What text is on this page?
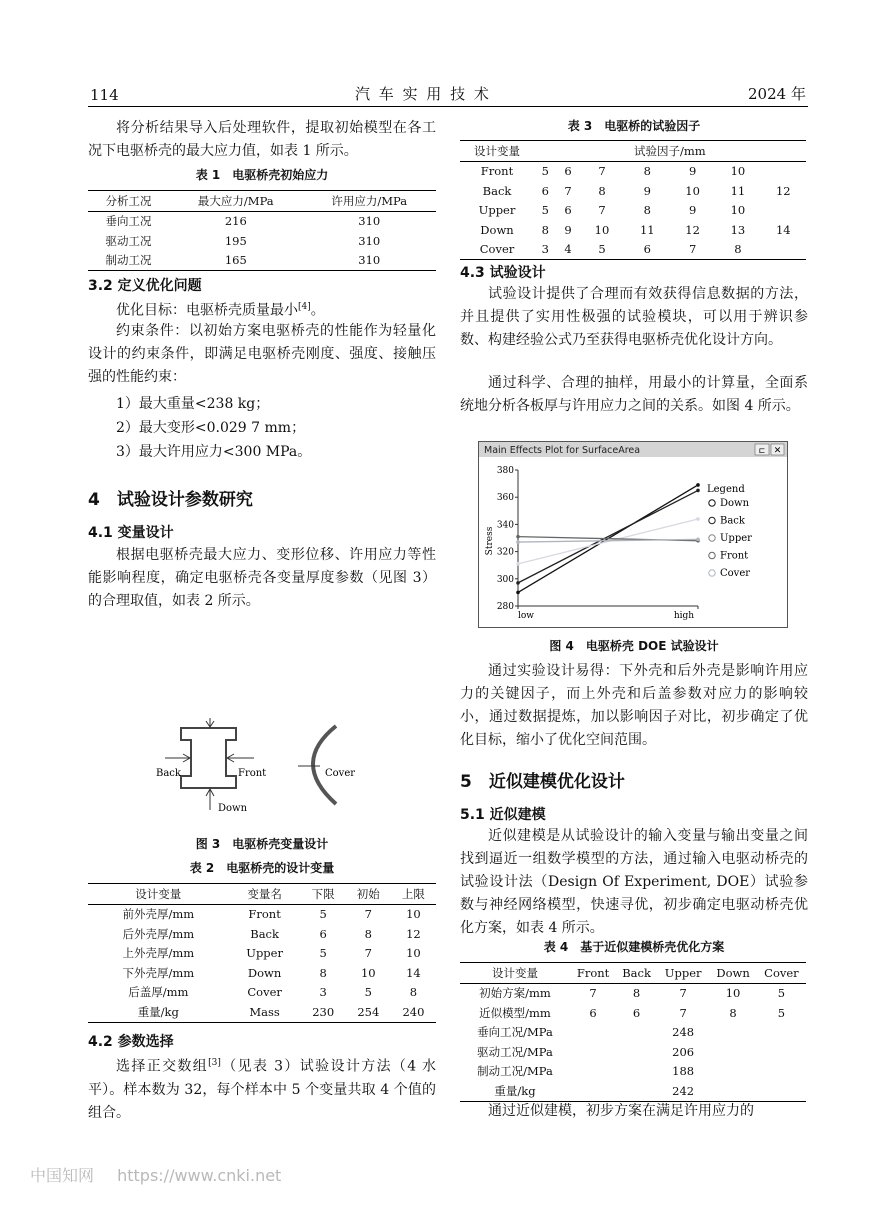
114	汽 车 实 用 技 术	2024 年
将分析结果导入后处理软件，提取初始模型在各工况下电驱桥壳的最大应力值，如表 1 所示。
表 1　电驱桥壳初始应力
分析工况	最大应力/MPa	许用应力/MPa
垂向工况	216	310
驱动工况	195	310
制动工况	165	310
3.2 定义优化问题
优化目标：电驱桥壳质量最小[4]。
约束条件：以初始方案电驱桥壳的性能作为轻量化设计的约束条件，即满足电驱桥壳刚度、强度、接触压强的性能约束：
1）最大重量<238 kg；
2）最大变形<0.029 7 mm；
3）最大许用应力<300 MPa。
4　试验设计参数研究
4.1 变量设计
根据电驱桥壳最大应力、变形位移、许用应力等性能影响程度，确定电驱桥壳各变量厚度参数（见图 3）的合理取值，如表 2 所示。
Back	Front
Down
Cover
图 3　电驱桥壳变量设计
表 2　电驱桥壳的设计变量
设计变量	变量名	下限	初始	上限
前外壳厚/mm	Front	5	7	10
后外壳厚/mm	Back	6	8	12
上外壳厚/mm	Upper	5	7	10
下外壳厚/mm	Down	8	10	14
后盖厚/mm	Cover	3	5	8
重量/kg	Mass	230	254	240
4.2 参数选择
选择正交数组[3]（见表 3）试验设计方法（4 水平）。样本数为 32，每个样本中 5 个变量共取 4 个值的组合。
表 3　电驱桥的试验因子
设计变量	试验因子/mm						
Front	5	6	7	8	9	10	
Back	6	7	8	9	10	11	12
Upper	5	6	7	8	9	10	
Down	8	9	10	11	12	13	14
Cover	3	4	5	6	7	8	
4.3 试验设计
试验设计提供了合理而有效获得信息数据的方法，并且提供了实用性极强的试验模块，可以用于辨识参数、构建经验公式乃至获得电驱桥壳优化设计方向。
通过科学、合理的抽样，用最小的计算量，全面系统地分析各板厚与许用应力之间的关系。如图 4 所示。
Main Effects Plot for SurfaceArea	✕
⊏
Stress
380
360
340
320
300
280
low	high
Legend
Down
Back
Upper
Front
Cover
图 4　电驱桥壳 DOE 试验设计
通过实验设计易得：下外壳和后外壳是影响许用应力的关键因子，而上外壳和后盖参数对应力的影响较小，通过数据提炼，加以影响因子对比，初步确定了优化目标，缩小了优化空间范围。
5　近似建模优化设计
5.1 近似建模
近似建模是从试验设计的输入变量与输出变量之间找到逼近一组数学模型的方法，通过输入电驱动桥壳的试验设计法（Design Of Experiment, DOE）试验参数与神经网络模型，快速寻优，初步确定电驱动桥壳优化方案，如表 4 所示。
表 4　基于近似建模桥壳优化方案
设计变量	Front	Back	Upper	Down	Cover
初始方案/mm	7	8	7	10	5
近似模型/mm	6	6	7	8	5
垂向工况/MPa			248		
驱动工况/MPa			206		
制动工况/MPa			188		
重量/kg			242		
通过近似建模，初步方案在满足许用应力的
中国知网 https://www.cnki.net
